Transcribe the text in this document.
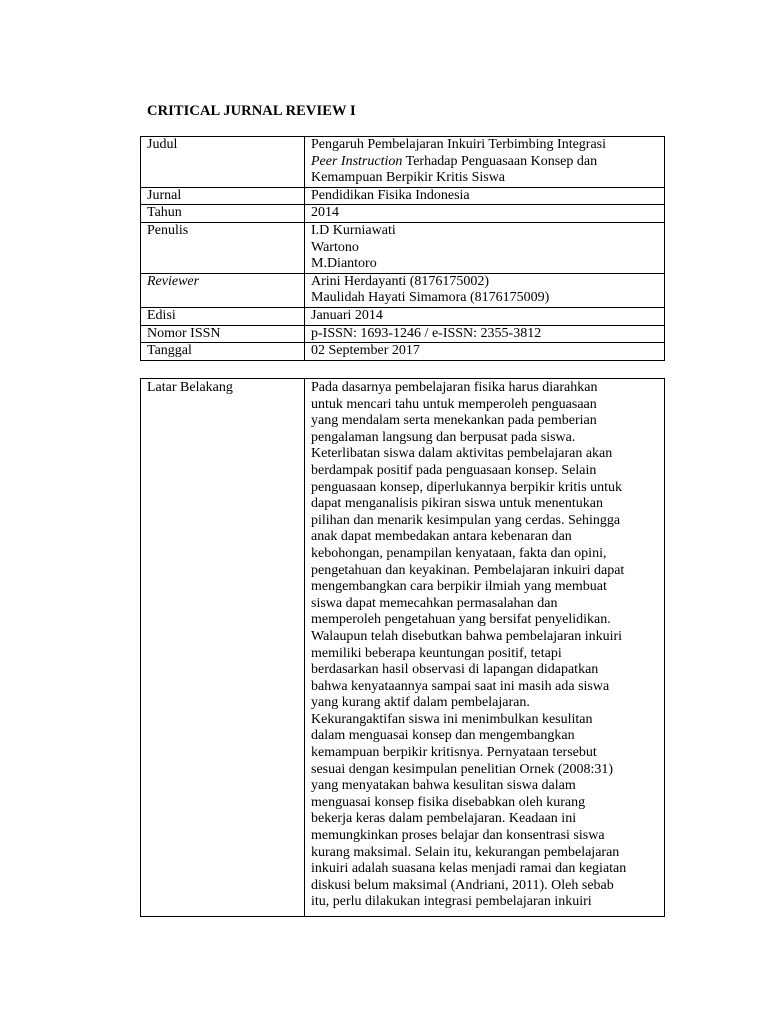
CRITICAL JURNAL REVIEW I
Judul	Pengaruh Pembelajaran Inkuiri Terbimbing Integrasi
Peer Instruction Terhadap Penguasaan Konsep dan
Kemampuan Berpikir Kritis Siswa

Jurnal	Pendidikan Fisika Indonesia
Tahun	2014
Penulis	I.D Kurniawati
Wartono
M.Diantoro

Reviewer	Arini Herdayanti (8176175002)
Maulidah Hayati Simamora (8176175009)

Edisi	Januari 2014
Nomor ISSN	p-ISSN: 1693-1246 / e-ISSN: 2355-3812
Tanggal	02 September 2017
Latar Belakang	Pada dasarnya pembelajaran fisika harus diarahkan
untuk mencari tahu untuk memperoleh penguasaan
yang mendalam serta menekankan pada pemberian
pengalaman langsung dan berpusat pada siswa.
Keterlibatan siswa dalam aktivitas pembelajaran akan
berdampak positif pada penguasaan konsep. Selain
penguasaan konsep, diperlukannya berpikir kritis untuk
dapat menganalisis pikiran siswa untuk menentukan
pilihan dan menarik kesimpulan yang cerdas. Sehingga
anak dapat membedakan antara kebenaran dan
kebohongan, penampilan kenyataan, fakta dan opini,
pengetahuan dan keyakinan. Pembelajaran inkuiri dapat
mengembangkan cara berpikir ilmiah yang membuat
siswa dapat memecahkan permasalahan dan
memperoleh pengetahuan yang bersifat penyelidikan.
Walaupun telah disebutkan bahwa pembelajaran inkuiri
memiliki beberapa keuntungan positif, tetapi
berdasarkan hasil observasi di lapangan didapatkan
bahwa kenyataannya sampai saat ini masih ada siswa
yang kurang aktif dalam pembelajaran.
Kekurangaktifan siswa ini menimbulkan kesulitan
dalam menguasai konsep dan mengembangkan
kemampuan berpikir kritisnya. Pernyataan tersebut
sesuai dengan kesimpulan penelitian Ornek (2008:31)
yang menyatakan bahwa kesulitan siswa dalam
menguasai konsep fisika disebabkan oleh kurang
bekerja keras dalam pembelajaran. Keadaan ini
memungkinkan proses belajar dan konsentrasi siswa
kurang maksimal. Selain itu, kekurangan pembelajaran
inkuiri adalah suasana kelas menjadi ramai dan kegiatan
diskusi belum maksimal (Andriani, 2011). Oleh sebab
itu, perlu dilakukan integrasi pembelajaran inkuiri
